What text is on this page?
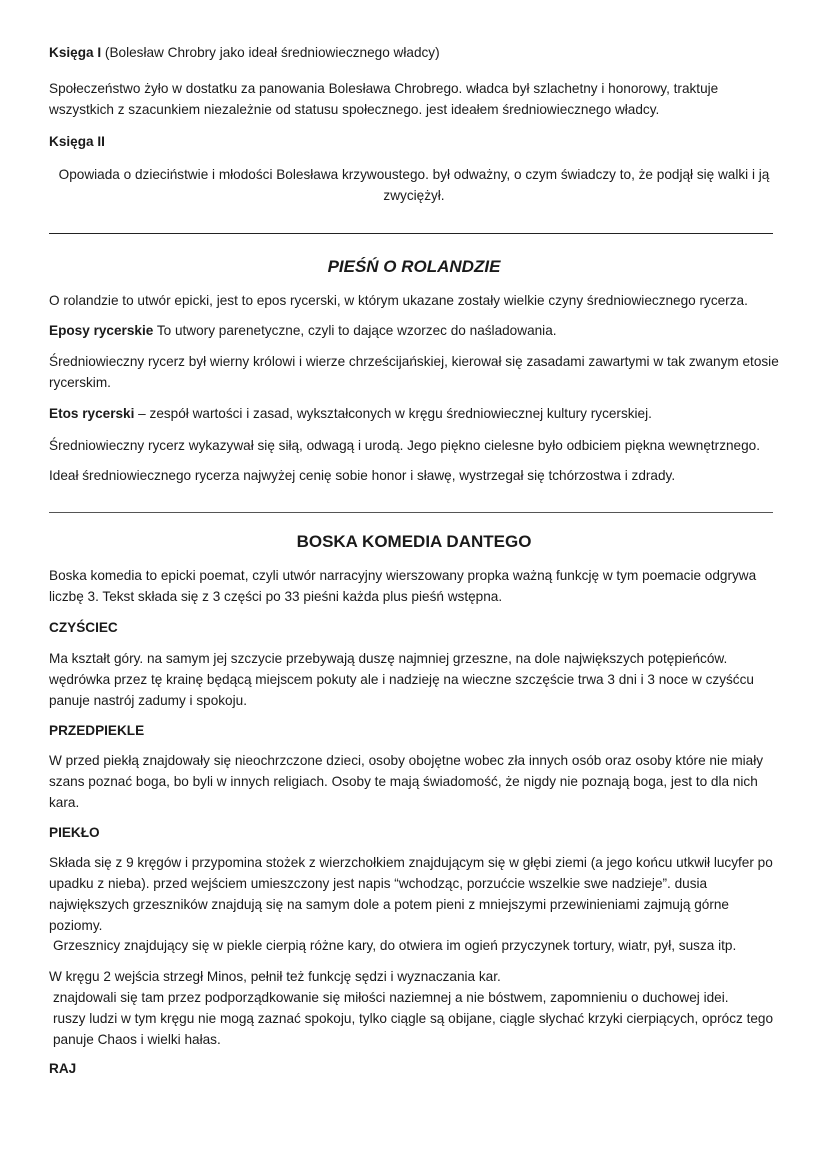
Księga I (Bolesław Chrobry jako ideał średniowiecznego władcy)

Społeczeństwo żyło w dostatku za panowania Bolesława Chrobrego. władca był szlachetny i honorowy, traktuje wszystkich z szacunkiem niezależnie od statusu społecznego. jest ideałem średniowiecznego władcy.

Księga II

Opowiada o dzieciństwie i młodości Bolesława krzywoustego. był odważny, o czym świadczy to, że podjął się walki i ją zwyciężył.

PIEŚŃ O ROLANDZIE

O rolandzie to utwór epicki, jest to epos rycerski, w którym ukazane zostały wielkie czyny średniowiecznego rycerza.

Eposy rycerskie To utwory parenetyczne, czyli to dające wzorzec do naśladowania.

Średniowieczny rycerz był wierny królowi i wierze chrześcijańskiej, kierował się zasadami zawartymi w tak zwanym etosie rycerskim.

Etos rycerski – zespół wartości i zasad, wykształconych w kręgu średniowiecznej kultury rycerskiej.

Średniowieczny rycerz wykazywał się siłą, odwagą i urodą. Jego piękno cielesne było odbiciem piękna wewnętrznego.

Ideał średniowiecznego rycerza najwyżej cenię sobie honor i sławę, wystrzegał się tchórzostwa i zdrady.

BOSKA KOMEDIA DANTEGO

Boska komedia to epicki poemat, czyli utwór narracyjny wierszowany propka ważną funkcję w tym poemacie odgrywa liczbę 3. Tekst składa się z 3 części po 33 pieśni każda plus pieśń wstępna.

CZYŚCIEC

Ma kształt góry. na samym jej szczycie przebywają duszę najmniej grzeszne, na dole największych potępieńców. wędrówka przez tę krainę będącą miejscem pokuty ale i nadzieję na wieczne szczęście trwa 3 dni i 3 noce w czyśćcu panuje nastrój zadumy i spokoju.

PRZEDPIEKLE

W przed piekłą znajdowały się nieochrzczone dzieci, osoby obojętne wobec zła innych osób oraz osoby które nie miały szans poznać boga, bo byli w innych religiach. Osoby te mają świadomość, że nigdy nie poznają boga, jest to dla nich kara.

PIEKŁO

Składa się z 9 kręgów i przypomina stożek z wierzchołkiem znajdującym się w głębi ziemi (a jego końcu utkwił lucyfer po upadku z nieba). przed wejściem umieszczony jest napis “wchodząc, porzućcie wszelkie swe nadzieje”. dusia największych grzeszników znajdują się na samym dole a potem pieni z mniejszymi przewinieniami zajmują górne poziomy.

Grzesznicy znajdujący się w piekle cierpią różne kary, do otwiera im ogień przyczynek tortury, wiatr, pył, susza itp.

W kręgu 2 wejścia strzegł Minos, pełnił też funkcję sędzi i wyznaczania kar.

znajdowali się tam przez podporządkowanie się miłości naziemnej a nie bóstwem, zapomnieniu o duchowej idei.

ruszy ludzi w tym kręgu nie mogą zaznać spokoju, tylko ciągle są obijane, ciągle słychać krzyki cierpiących, oprócz tego panuje Chaos i wielki hałas.

RAJ
